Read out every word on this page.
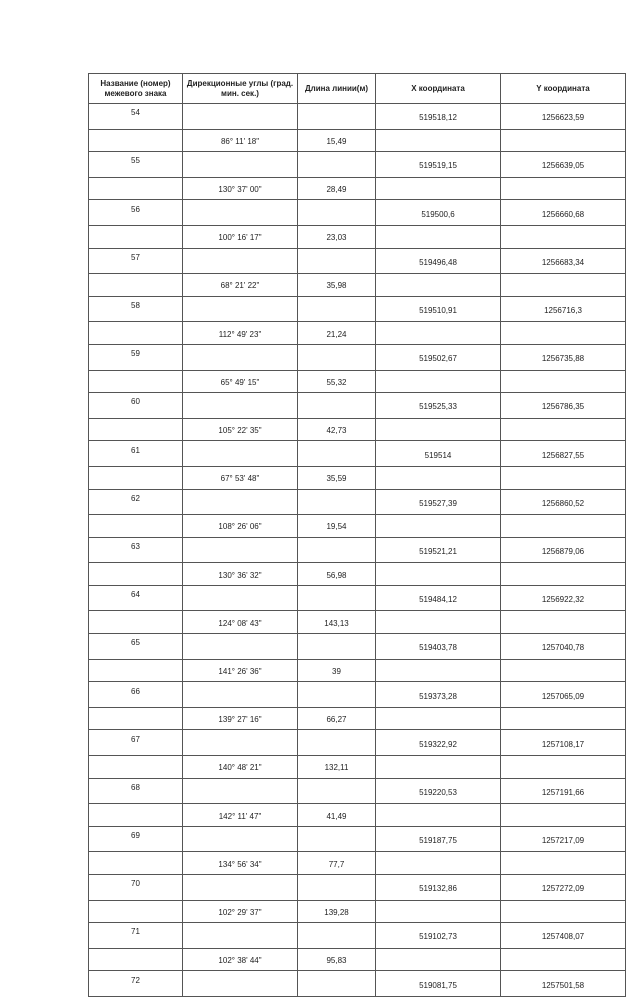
Название (номер) межевого знака	Дирекционные углы (град. мин. сек.)	Длина линии(м)	X координата	Y координата
54			519518,12	1256623,59
	86° 11' 18"	15,49		
55			519519,15	1256639,05
	130° 37' 00"	28,49		
56			519500,6	1256660,68
	100° 16' 17"	23,03		
57			519496,48	1256683,34
	68° 21' 22"	35,98		
58			519510,91	1256716,3
	112° 49' 23"	21,24		
59			519502,67	1256735,88
	65° 49' 15"	55,32		
60			519525,33	1256786,35
	105° 22' 35"	42,73		
61			519514	1256827,55
	67° 53' 48"	35,59		
62			519527,39	1256860,52
	108° 26' 06"	19,54		
63			519521,21	1256879,06
	130° 36' 32"	56,98		
64			519484,12	1256922,32
	124° 08' 43"	143,13		
65			519403,78	1257040,78
	141° 26' 36"	39		
66			519373,28	1257065,09
	139° 27' 16"	66,27		
67			519322,92	1257108,17
	140° 48' 21"	132,11		
68			519220,53	1257191,66
	142° 11' 47"	41,49		
69			519187,75	1257217,09
	134° 56' 34"	77,7		
70			519132,86	1257272,09
	102° 29' 37"	139,28		
71			519102,73	1257408,07
	102° 38' 44"	95,83		
72			519081,75	1257501,58
